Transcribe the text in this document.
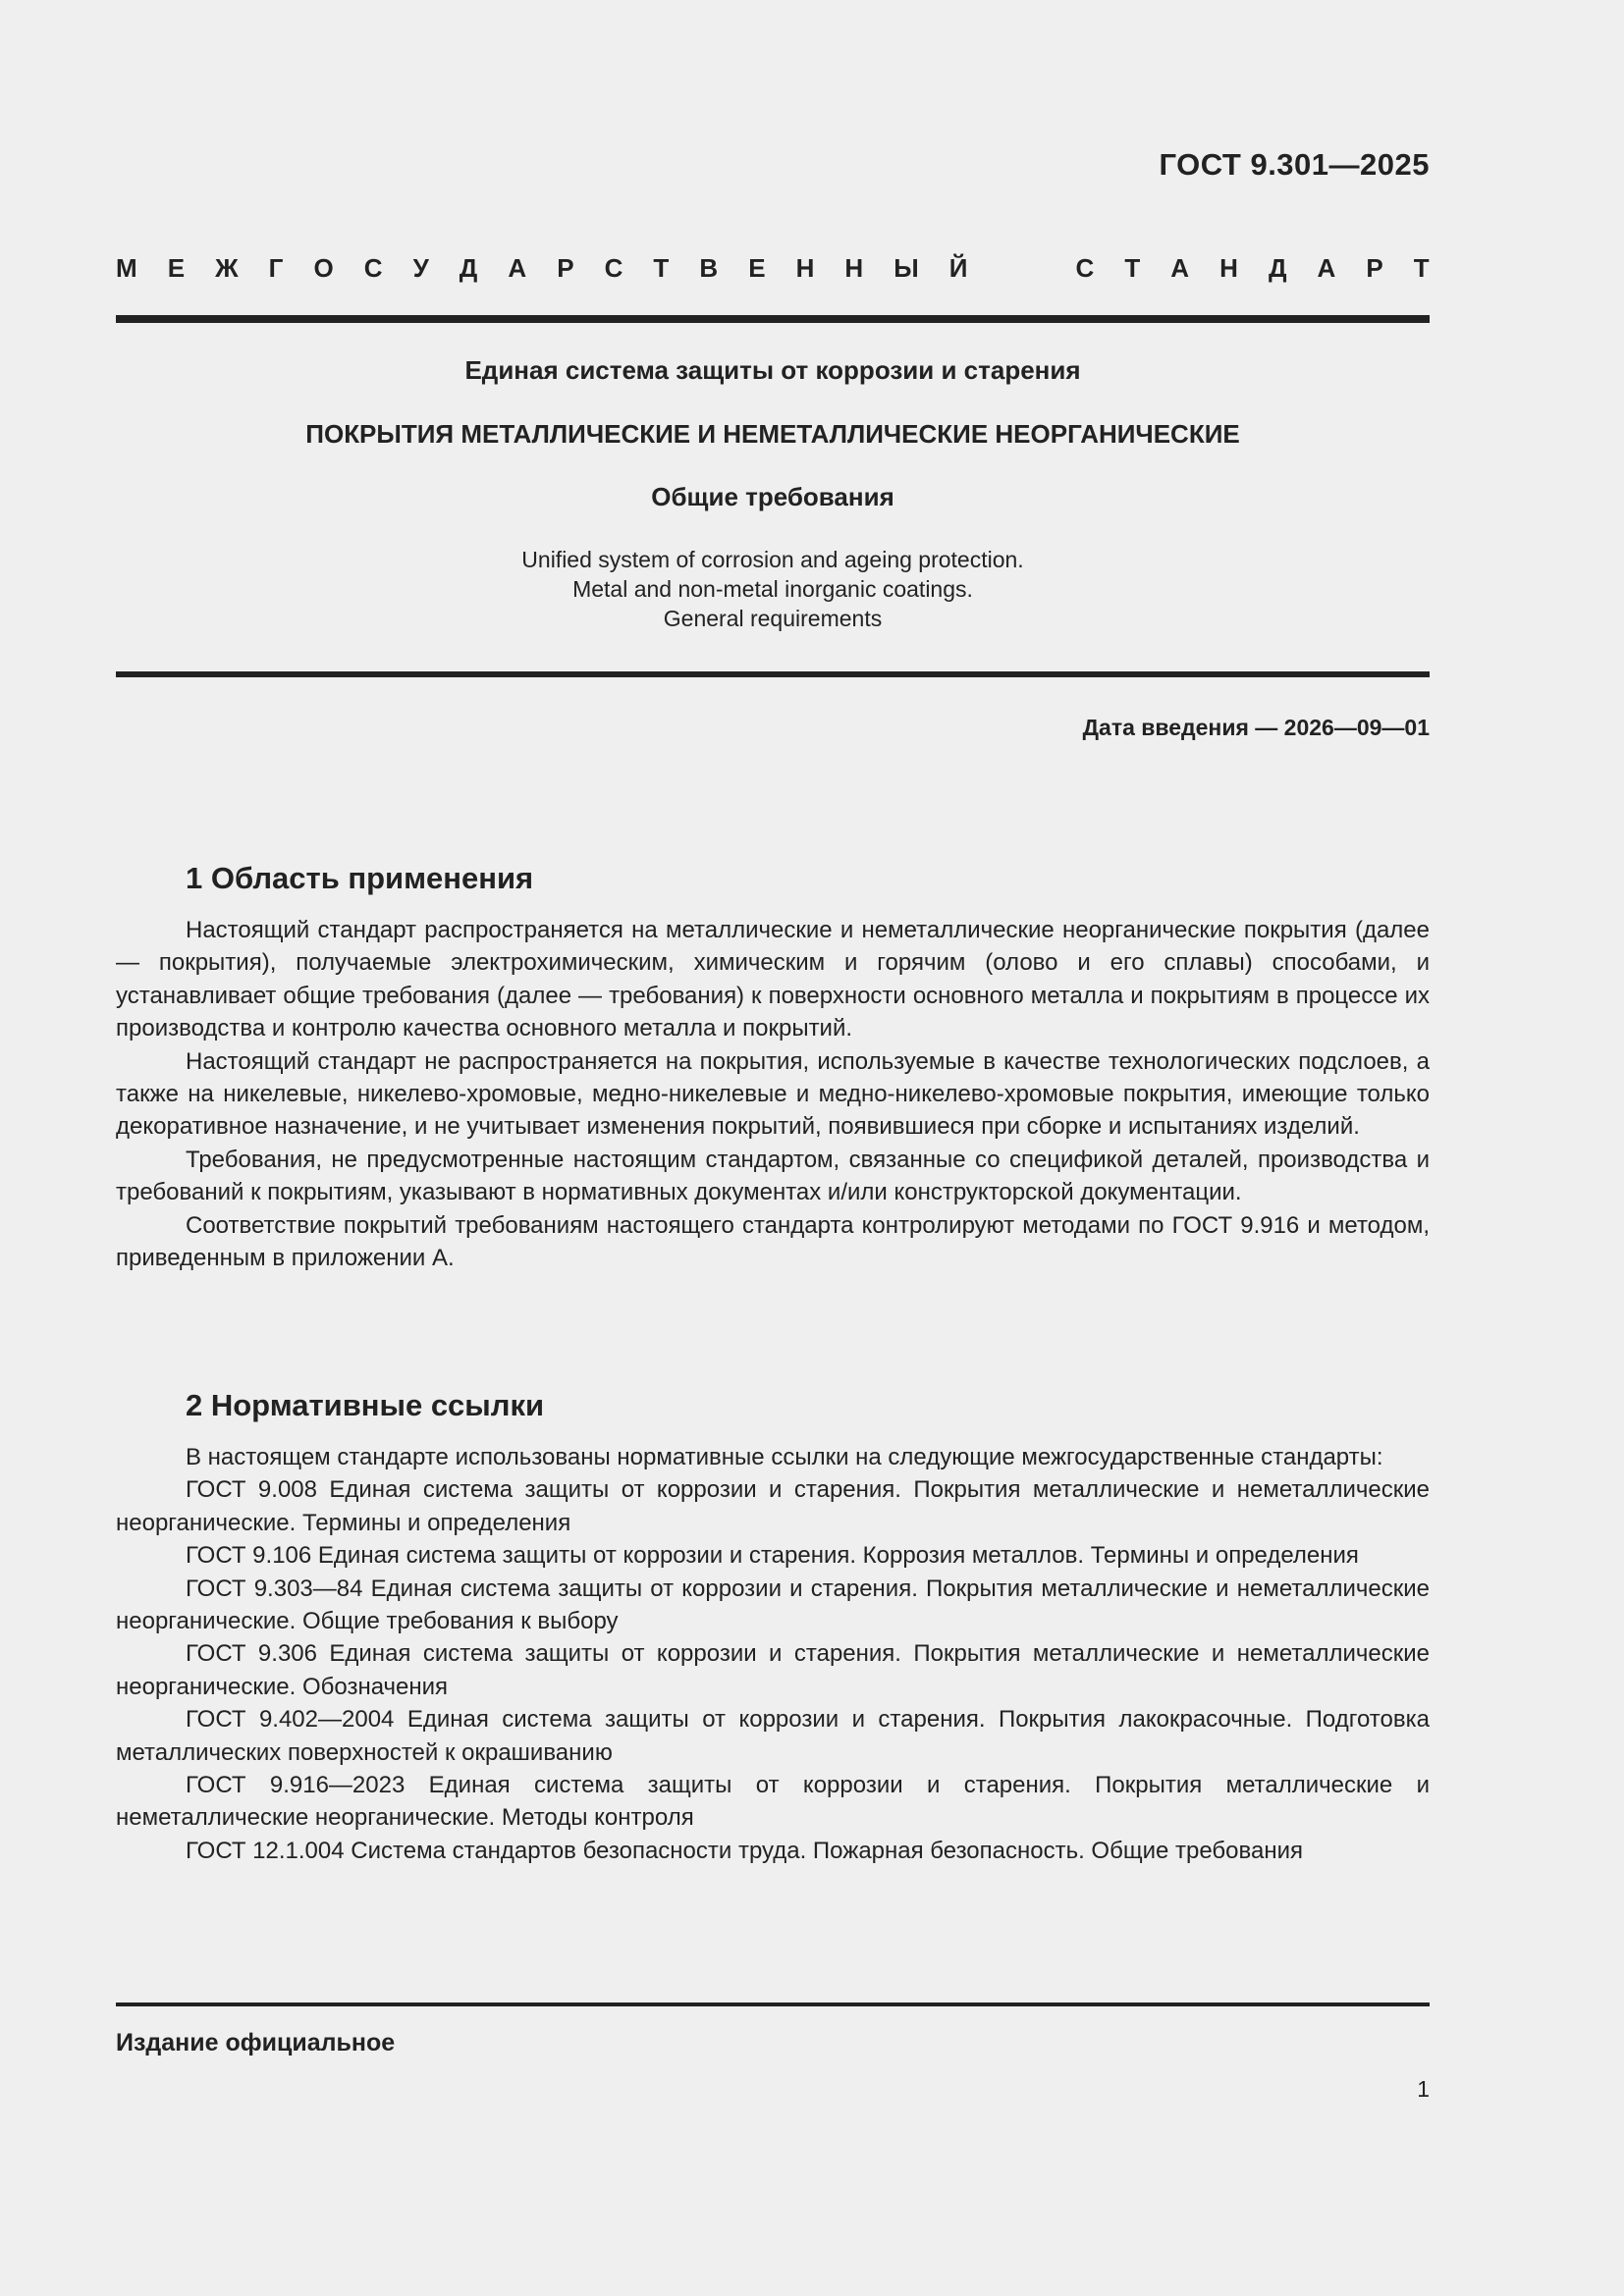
ГОСТ 9.301—2025
М Е Ж Г О С У Д А Р С Т В Е Н Н Ы Й	С Т А Н Д А Р Т
Единая система защиты от коррозии и старения
ПОКРЫТИЯ МЕТАЛЛИЧЕСКИЕ И НЕМЕТАЛЛИЧЕСКИЕ НЕОРГАНИЧЕСКИЕ
Общие требования
Unified system of corrosion and ageing protection.
Metal and non-metal inorganic coatings.
General requirements
Дата введения — 2026—09—01
1 Область применения

Настоящий стандарт распространяется на металлические и неметаллические неорганические покрытия (далее — покрытия), получаемые электрохимическим, химическим и горячим (олово и его сплавы) способами, и устанавливает общие требования (далее — требования) к поверхности основного металла и покрытиям в процессе их производства и контролю качества основного металла и покрытий.

Настоящий стандарт не распространяется на покрытия, используемые в качестве технологических подслоев, а также на никелевые, никелево-хромовые, медно-никелевые и медно-никелево-хромовые покрытия, имеющие только декоративное назначение, и не учитывает изменения покрытий, появившиеся при сборке и испытаниях изделий.

Требования, не предусмотренные настоящим стандартом, связанные со спецификой деталей, производства и требований к покрытиям, указывают в нормативных документах и/или конструкторской документации.

Соответствие покрытий требованиям настоящего стандарта контролируют методами по ГОСТ 9.916 и методом, приведенным в приложении А.

2 Нормативные ссылки

В настоящем стандарте использованы нормативные ссылки на следующие межгосударственные стандарты:

ГОСТ 9.008 Единая система защиты от коррозии и старения. Покрытия металлические и неметаллические неорганические. Термины и определения

ГОСТ 9.106 Единая система защиты от коррозии и старения. Коррозия металлов. Термины и определения

ГОСТ 9.303—84 Единая система защиты от коррозии и старения. Покрытия металлические и неметаллические неорганические. Общие требования к выбору

ГОСТ 9.306 Единая система защиты от коррозии и старения. Покрытия металлические и неметаллические неорганические. Обозначения

ГОСТ 9.402—2004 Единая система защиты от коррозии и старения. Покрытия лакокрасочные. Подготовка металлических поверхностей к окрашиванию

ГОСТ 9.916—2023 Единая система защиты от коррозии и старения. Покрытия металлические и неметаллические неорганические. Методы контроля

ГОСТ 12.1.004 Система стандартов безопасности труда. Пожарная безопасность. Общие требования

Издание официальное
1
